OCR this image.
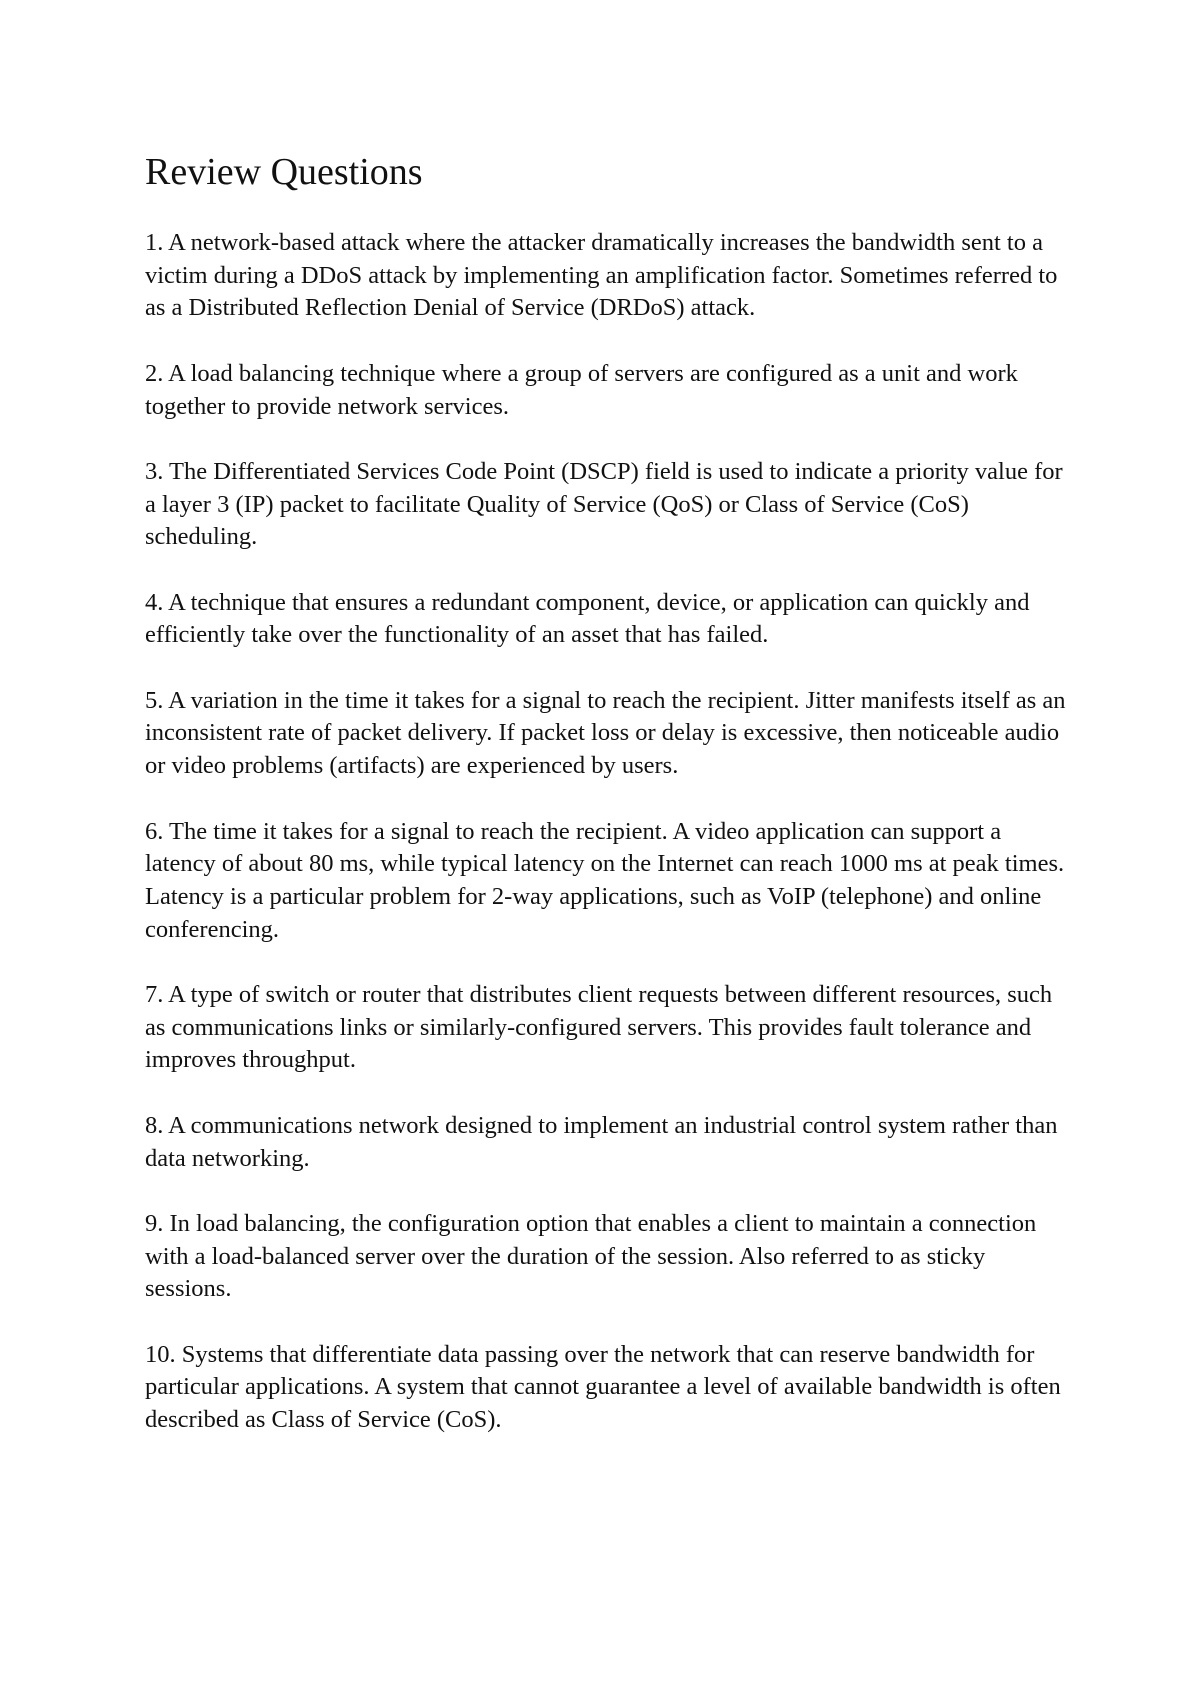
Review Questions
1. A network-based attack where the attacker dramatically increases the bandwidth sent to a victim during a DDoS attack by implementing an amplification factor. Sometimes referred to as a Distributed Reflection Denial of Service (DRDoS) attack.
2. A load balancing technique where a group of servers are configured as a unit and work together to provide network services.
3. The Differentiated Services Code Point (DSCP) field is used to indicate a priority value for a layer 3 (IP) packet to facilitate Quality of Service (QoS) or Class of Service (CoS) scheduling.
4. A technique that ensures a redundant component, device, or application can quickly and efficiently take over the functionality of an asset that has failed.
5. A variation in the time it takes for a signal to reach the recipient. Jitter manifests itself as an inconsistent rate of packet delivery. If packet loss or delay is excessive, then noticeable audio or video problems (artifacts) are experienced by users.
6. The time it takes for a signal to reach the recipient. A video application can support a latency of about 80 ms, while typical latency on the Internet can reach 1000 ms at peak times. Latency is a particular problem for 2-way applications, such as VoIP (telephone) and online conferencing.
7. A type of switch or router that distributes client requests between different resources, such as communications links or similarly-configured servers. This provides fault tolerance and improves throughput.
8. A communications network designed to implement an industrial control system rather than data networking.
9. In load balancing, the configuration option that enables a client to maintain a connection with a load-balanced server over the duration of the session. Also referred to as sticky sessions.
10. Systems that differentiate data passing over the network that can reserve bandwidth for particular applications. A system that cannot guarantee a level of available bandwidth is often described as Class of Service (CoS).
